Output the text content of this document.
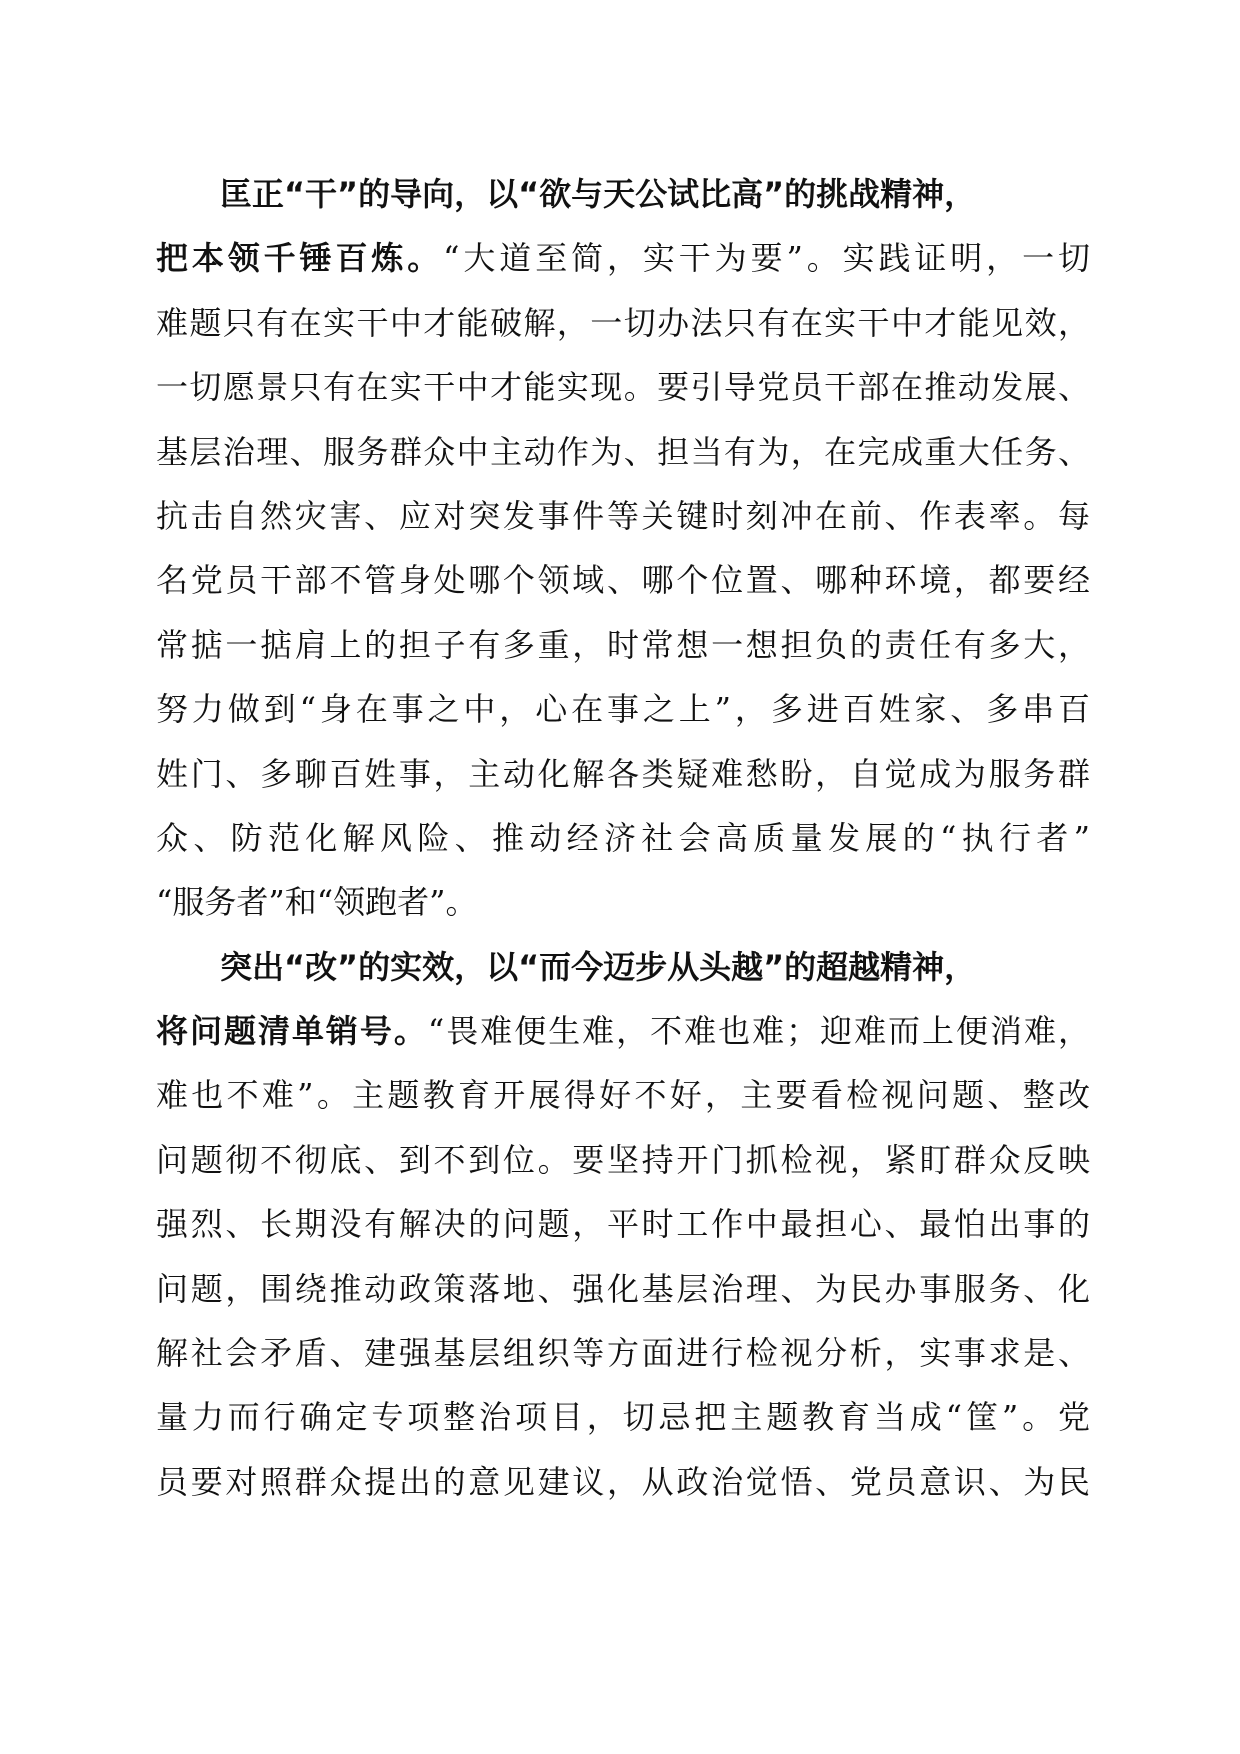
匡正“干”的导向，以“欲与天公试比高”的挑战精神，
把本领千锤百炼。“大道至简，实干为要”。实践证明，一切
难题只有在实干中才能破解，一切办法只有在实干中才能见效，
一切愿景只有在实干中才能实现。要引导党员干部在推动发展、
基层治理、服务群众中主动作为、担当有为，在完成重大任务、
抗击自然灾害、应对突发事件等关键时刻冲在前、作表率。每
名党员干部不管身处哪个领域、哪个位置、哪种环境，都要经
常掂一掂肩上的担子有多重，时常想一想担负的责任有多大，
努力做到“身在事之中，心在事之上”，多进百姓家、多串百
姓门、多聊百姓事，主动化解各类疑难愁盼，自觉成为服务群
众、防范化解风险、推动经济社会高质量发展的“执行者”
“服务者”和“领跑者”。
突出“改”的实效，以“而今迈步从头越”的超越精神，
将问题清单销号。“畏难便生难，不难也难；迎难而上便消难，
难也不难”。主题教育开展得好不好，主要看检视问题、整改
问题彻不彻底、到不到位。要坚持开门抓检视，紧盯群众反映
强烈、长期没有解决的问题，平时工作中最担心、最怕出事的
问题，围绕推动政策落地、强化基层治理、为民办事服务、化
解社会矛盾、建强基层组织等方面进行检视分析，实事求是、
量力而行确定专项整治项目，切忌把主题教育当成“筐”。党
员要对照群众提出的意见建议，从政治觉悟、党员意识、为民
